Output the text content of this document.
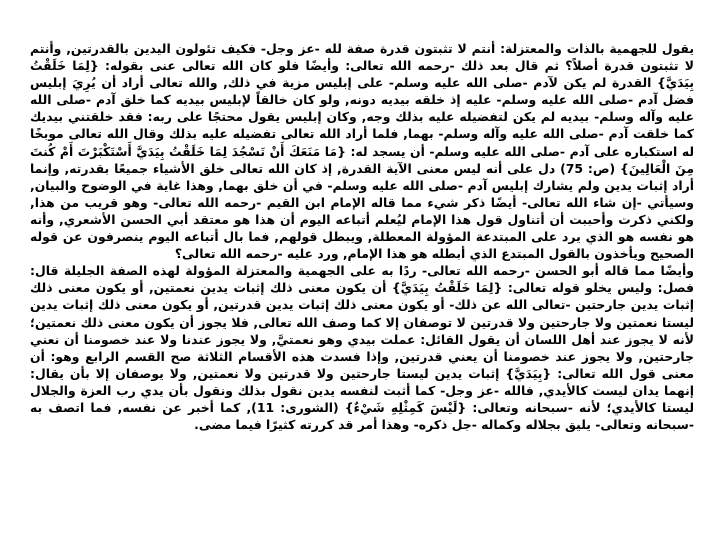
يقول للجهمية بالذات والمعتزلة: أنتم لا تثبتون قدرة صفة لله -عز وجل- فكيف تئولون اليدين بالقدرتين, وأنتم لا تثبتون قدرة أصلاً؟ ثم قال بعد ذلك -رحمه الله تعالى: وأيضًا فلو كان الله تعالى عنى بقوله: {لِمَا خَلَقْتُ بِيَدَيَّ} القدرة لم يكن لآدم -صلى الله عليه وسلم- على إبليس مزية في ذلك, والله تعالى أراد أن يُرِيَ إبليس فضل آدم -صلى الله عليه وسلم- عليه إذ خلقه بيديه دونه, ولو كان خالقاً لإبليس بيديه كما خلق آدم -صلى الله عليه وآله وسلم- بيديه لم يكن لتفضيله عليه بذلك وجه, وكان إبليس يقول محتجًا على ربه: فقد خلقتني بيديك كما خلقت آدم -صلى الله عليه وآله وسلم- بهما, فلما أراد الله تعالى تفضيله عليه بذلك وقال الله تعالى موبخًا له استكباره على آدم -صلى الله عليه وسلم- أن يسجد له: {مَا مَنَعَكَ أَنْ تَسْجُدَ لِمَا خَلَقْتُ بِيَدَيَّ أَسْتَكْبَرْتَ أَمْ كُنتَ مِنَ الْعَالِينَ} (ص: 75) دل على أنه ليس معنى الآية القدرة, إذ كان الله تعالى خلق الأشياء جميعًا بقدرته, وإنما أراد إثبات يدين ولم يشارك إبليس آدم -صلى الله عليه وسلم- في أن خلق بهما, وهذا غاية في الوضوح والبيان, وسيأتي -إن شاء الله تعالى- أيضًا ذكر شيء مما قاله الإمام ابن القيم -رحمه الله تعالى- وهو قريب من هذا, ولكني ذكرت وأحببت أن أتناول قول هذا الإمام ليُعلم أتباعه اليوم أن هذا هو معتقد أبي الحسن الأشعري, وأنه هو نفسه هو الذي يرد على المبتدعة المؤولة المعطلة, ويبطل قولهم, فما بال أتباعه اليوم ينصرفون عن قوله الصحيح ويأخذون بالقول المبتدع الذي أبطله هو هذا الإمام, ورد عليه -رحمه الله تعالى؟

وأيضًا مما قاله أبو الحسن -رحمه الله تعالى- ردًا به على الجهمية والمعتزلة المؤولة لهذه الصفة الجليلة قال: فصل: وليس يخلو قوله تعالى: {لِمَا خَلَقْتُ بِيَدَيَّ} أن يكون معنى ذلك إثبات يدين نعمتين, أو يكون معنى ذلك إثبات يدين جارحتين -تعالى الله عن ذلك- أو يكون معنى ذلك إثبات يدين قدرتين, أو يكون معنى ذلك إثبات يدين ليستا نعمتين ولا جارحتين ولا قدرتين لا توصفان إلا كما وصف الله تعالى, فلا يجوز أن يكون معنى ذلك نعمتين؛ لأنه لا يجوز عند أهل اللسان أن يقول القائل: عملت بيدي وهو نعمتيَّ, ولا يجوز عندنا ولا عند خصومنا أن نعني جارحتين, ولا يجوز عند خصومنا أن يعني قدرتين, وإذا فسدت هذه الأقسام الثلاثة صح القسم الرابع وهو: أن معنى قول الله تعالى: {بِيَدَيَّ} إثبات يدين ليستا جارحتين ولا قدرتين ولا نعمتين, ولا يوصفان إلا بأن يقال: إنهما يدان ليست كالأيدي, فالله -عز وجل- كما أثبت لنفسه يدين نقول بذلك ونقول بأن يدي رب العزة والجلال ليستا كالأيدي؛ لأنه -سبحانه وتعالى: {لَيْسَ كَمِثْلِهِ شَيْءٌ} (الشورى: 11), كما أخبر عن نفسه, فما اتصف به -سبحانه وتعالى- يليق بجلاله وكماله -جل ذكره- وهذا أمر قد كررته كثيرًا فيما مضى.
